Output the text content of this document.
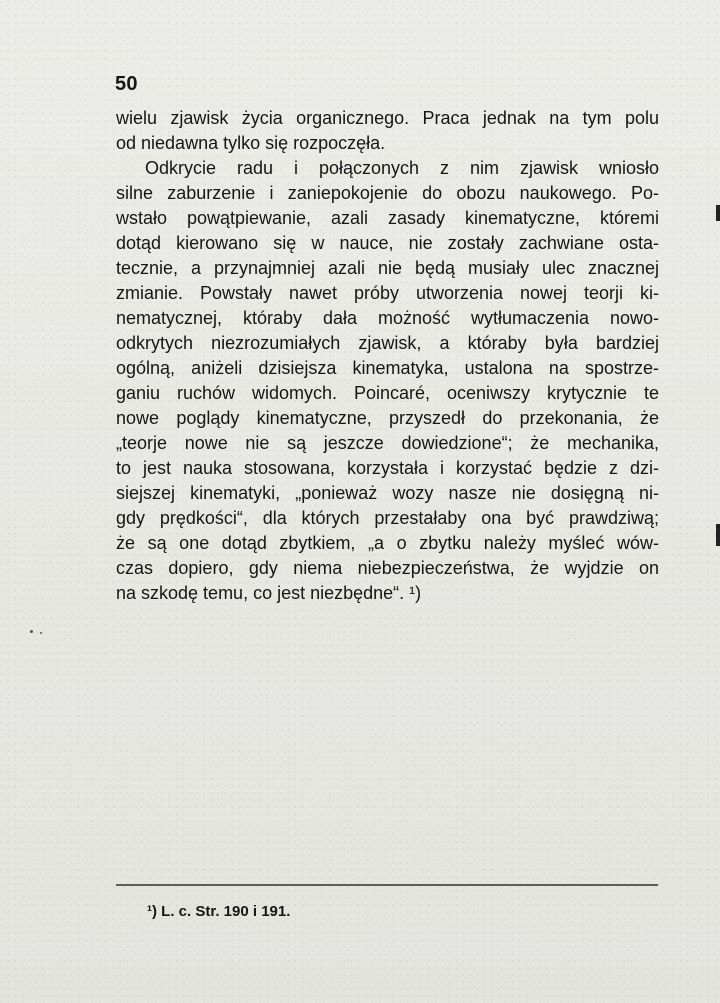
50
wielu zjawisk życia organicznego. Praca jednak na tym polu
od niedawna tylko się rozpoczęła.
Odkrycie radu i połączonych z nim zjawisk wniosło
silne zaburzenie i zaniepokojenie do obozu naukowego. Po-
wstało powątpiewanie, azali zasady kinematyczne, któremi
dotąd kierowano się w nauce, nie zostały zachwiane osta-
tecznie, a przynajmniej azali nie będą musiały ulec znacznej
zmianie. Powstały nawet próby utworzenia nowej teorji ki-
nematycznej, któraby dała możność wytłumaczenia nowo-
odkrytych niezrozumiałych zjawisk, a któraby była bardziej
ogólną, aniżeli dzisiejsza kinematyka, ustalona na spostrze-
ganiu ruchów widomych. Poincaré, oceniwszy krytycznie te
nowe poglądy kinematyczne, przyszedł do przekonania, że
„teorje nowe nie są jeszcze dowiedzione“; że mechanika,
to jest nauka stosowana, korzystała i korzystać będzie z dzi-
siejszej kinematyki, „ponieważ wozy nasze nie dosięgną ni-
gdy prędkości“, dla których przestałaby ona być prawdziwą;
że są one dotąd zbytkiem, „a o zbytku należy myśleć wów-
czas dopiero, gdy niema niebezpieczeństwa, że wyjdzie on
na szkodę temu, co jest niezbędne“. ¹)
¹) L. c. Str. 190 i 191.
